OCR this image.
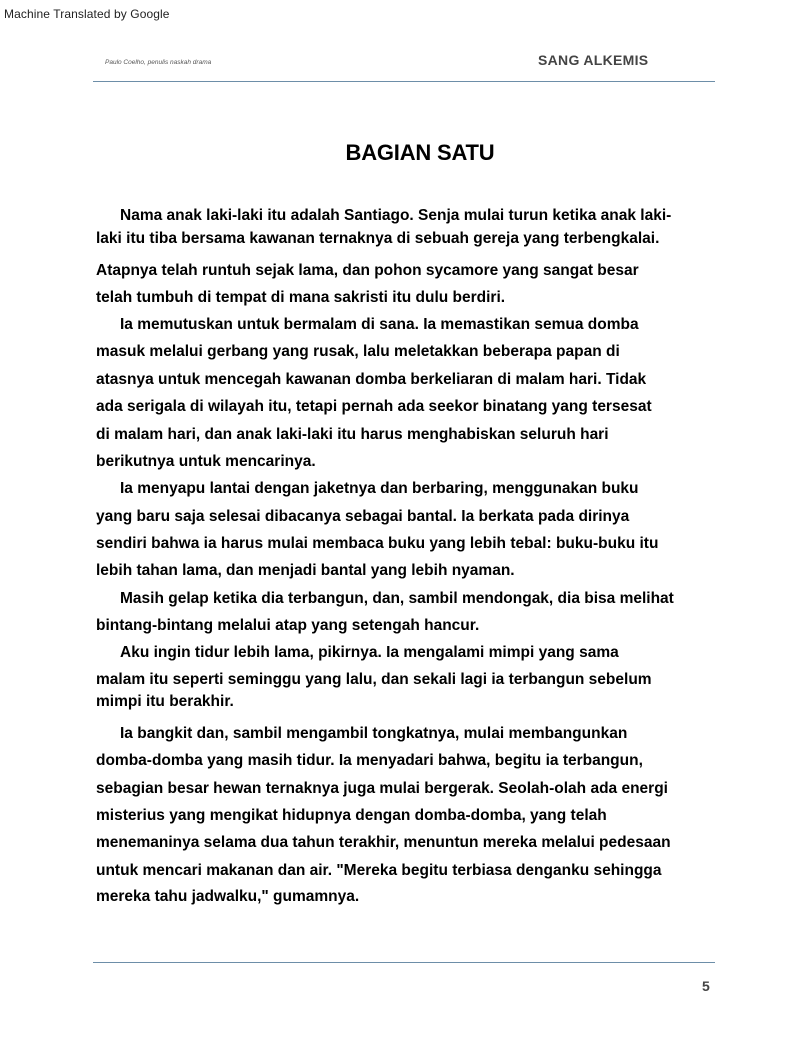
Machine Translated by Google
Paulo Coelho, penulis naskah drama	SANG ALKEMIS
BAGIAN SATU
Nama anak laki-laki itu adalah Santiago. Senja mulai turun ketika anak laki-
laki itu tiba bersama kawanan ternaknya di sebuah gereja yang terbengkalai.
Atapnya telah runtuh sejak lama, dan pohon sycamore yang sangat besar
telah tumbuh di tempat di mana sakristi itu dulu berdiri.
Ia memutuskan untuk bermalam di sana. Ia memastikan semua domba
masuk melalui gerbang yang rusak, lalu meletakkan beberapa papan di
atasnya untuk mencegah kawanan domba berkeliaran di malam hari. Tidak
ada serigala di wilayah itu, tetapi pernah ada seekor binatang yang tersesat
di malam hari, dan anak laki-laki itu harus menghabiskan seluruh hari
berikutnya untuk mencarinya.
Ia menyapu lantai dengan jaketnya dan berbaring, menggunakan buku
yang baru saja selesai dibacanya sebagai bantal. Ia berkata pada dirinya
sendiri bahwa ia harus mulai membaca buku yang lebih tebal: buku-buku itu
lebih tahan lama, dan menjadi bantal yang lebih nyaman.
Masih gelap ketika dia terbangun, dan, sambil mendongak, dia bisa melihat
bintang-bintang melalui atap yang setengah hancur.
Aku ingin tidur lebih lama, pikirnya. Ia mengalami mimpi yang sama
malam itu seperti seminggu yang lalu, dan sekali lagi ia terbangun sebelum
mimpi itu berakhir.
Ia bangkit dan, sambil mengambil tongkatnya, mulai membangunkan
domba-domba yang masih tidur. Ia menyadari bahwa, begitu ia terbangun,
sebagian besar hewan ternaknya juga mulai bergerak. Seolah-olah ada energi
misterius yang mengikat hidupnya dengan domba-domba, yang telah
menemaninya selama dua tahun terakhir, menuntun mereka melalui pedesaan
untuk mencari makanan dan air. "Mereka begitu terbiasa denganku sehingga
mereka tahu jadwalku," gumamnya.
5
